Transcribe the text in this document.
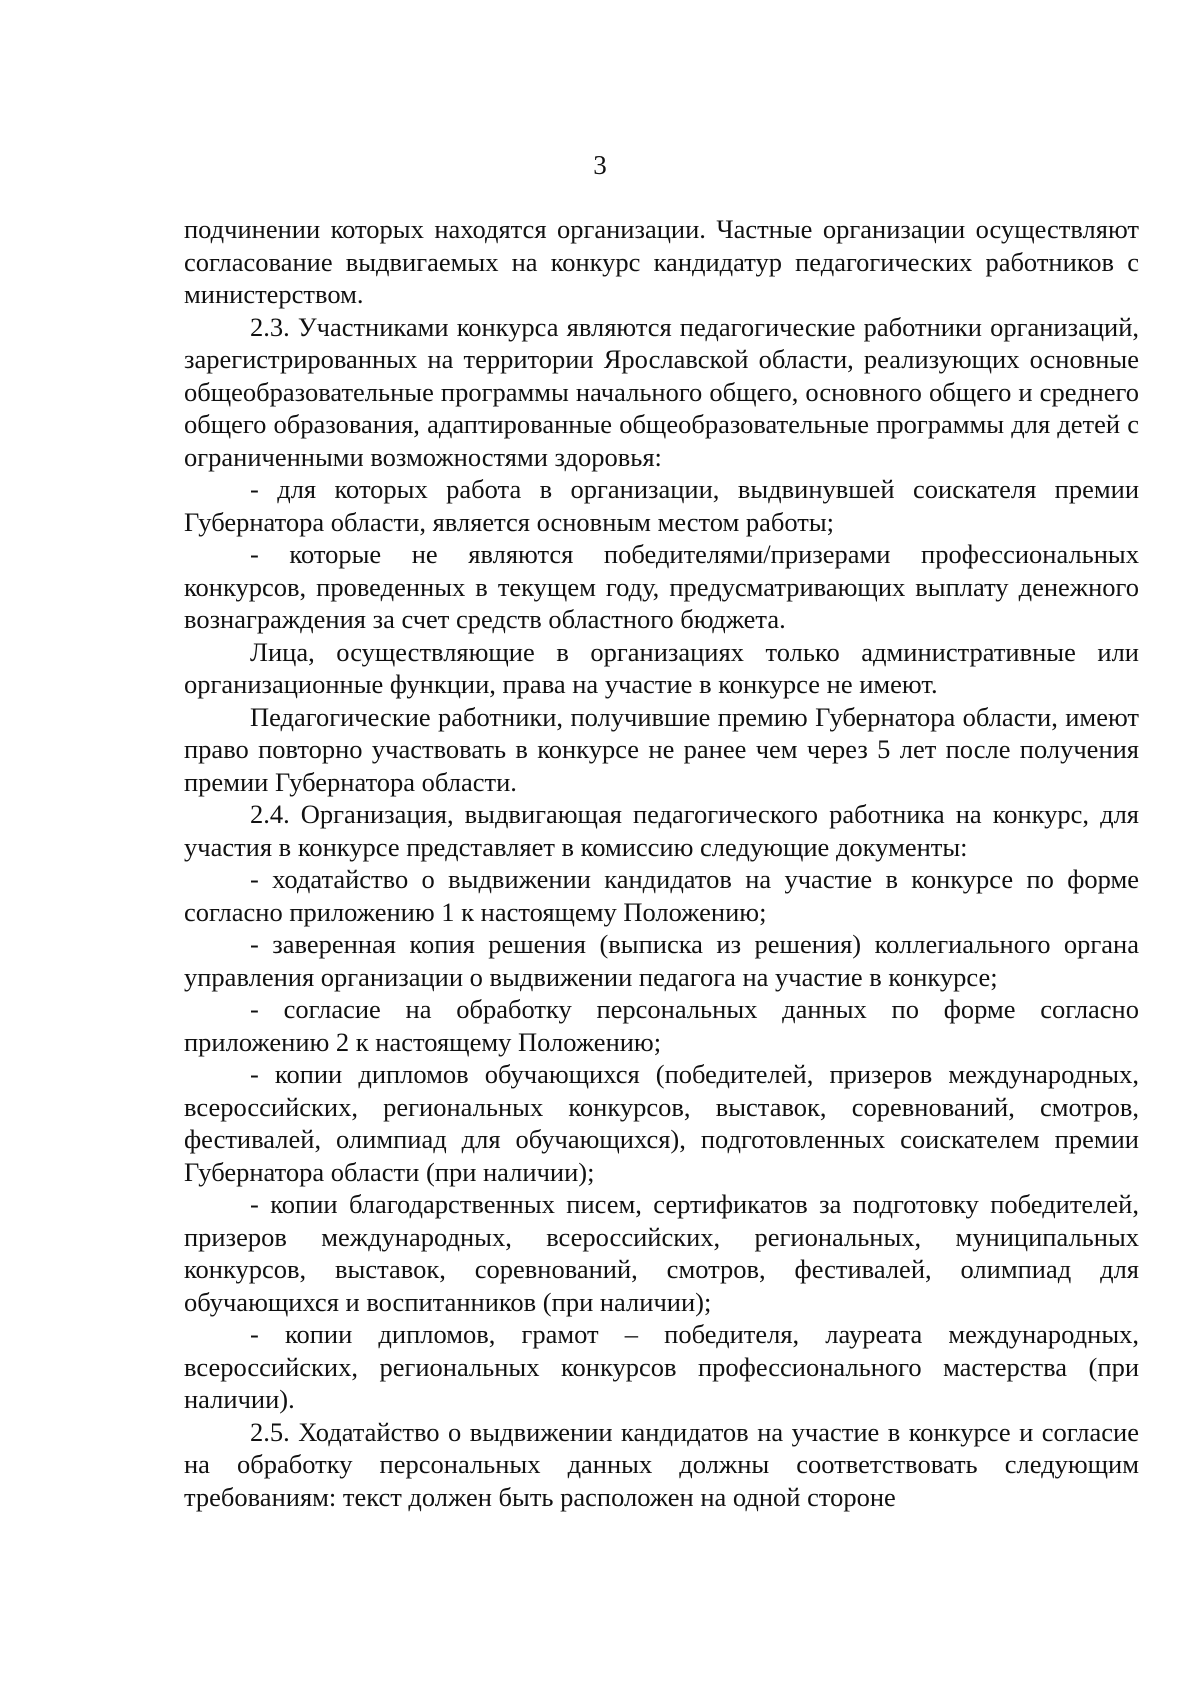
3

подчинении которых находятся организации. Частные организации осуществляют согласование выдвигаемых на конкурс кандидатур педагогических работников с министерством.

2.3. Участниками конкурса являются педагогические работники организаций, зарегистрированных на территории Ярославской области, реализующих основные общеобразовательные программы начального общего, основного общего и среднего общего образования, адаптированные общеобразовательные программы для детей с ограниченными возможностями здоровья:

- для которых работа в организации, выдвинувшей соискателя премии Губернатора области, является основным местом работы;

- которые не являются победителями/призерами профессиональных конкурсов, проведенных в текущем году, предусматривающих выплату денежного вознаграждения за счет средств областного бюджета.

Лица, осуществляющие в организациях только административные или организационные функции, права на участие в конкурсе не имеют.

Педагогические работники, получившие премию Губернатора области, имеют право повторно участвовать в конкурсе не ранее чем через 5 лет после получения премии Губернатора области.

2.4. Организация, выдвигающая педагогического работника на конкурс, для участия в конкурсе представляет в комиссию следующие документы:

- ходатайство о выдвижении кандидатов на участие в конкурсе по форме согласно приложению 1 к настоящему Положению;

- заверенная копия решения (выписка из решения) коллегиального органа управления организации о выдвижении педагога на участие в конкурсе;

- согласие на обработку персональных данных по форме согласно приложению 2 к настоящему Положению;

- копии дипломов обучающихся (победителей, призеров международных, всероссийских, региональных конкурсов, выставок, соревнований, смотров, фестивалей, олимпиад для обучающихся), подготовленных соискателем премии Губернатора области (при наличии);

- копии благодарственных писем, сертификатов за подготовку победителей, призеров международных, всероссийских, региональных, муниципальных конкурсов, выставок, соревнований, смотров, фестивалей, олимпиад для обучающихся и воспитанников (при наличии);

- копии дипломов, грамот – победителя, лауреата международных, всероссийских, региональных конкурсов профессионального мастерства (при наличии).

2.5. Ходатайство о выдвижении кандидатов на участие в конкурсе и согласие на обработку персональных данных должны соответствовать следующим требованиям: текст должен быть расположен на одной стороне
